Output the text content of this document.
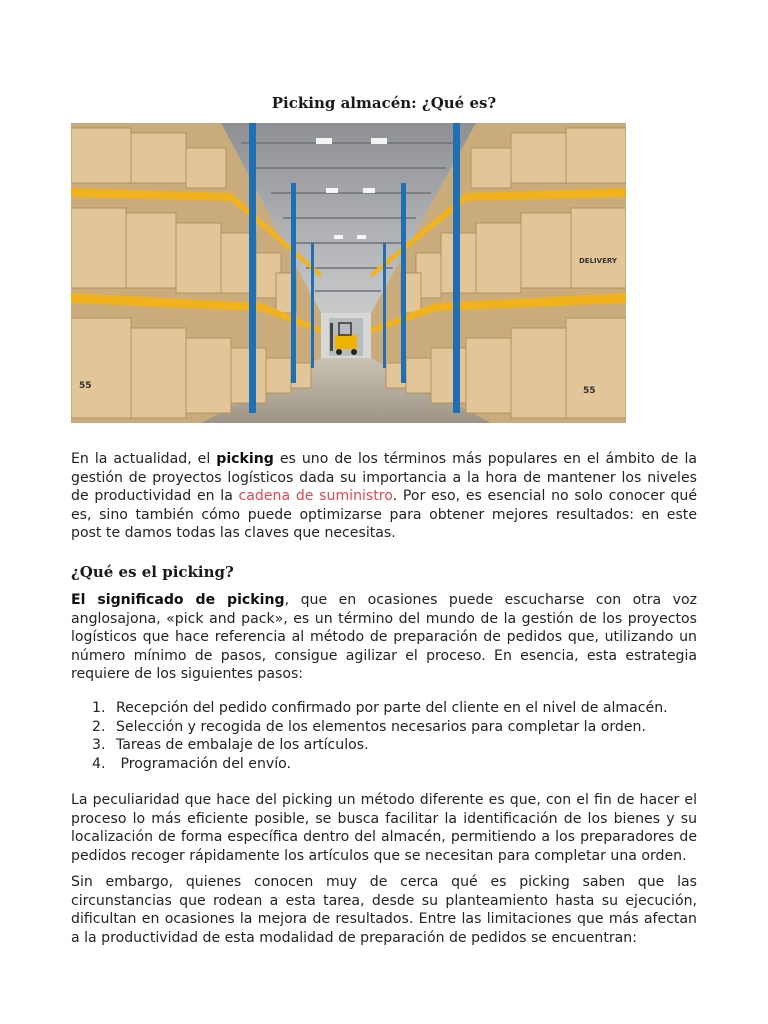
Picking almacén: ¿Qué es?
DELIVERY
55	55

En la actualidad, el picking es uno de los términos más populares en el ámbito de la gestión de proyectos logísticos dada su importancia a la hora de mantener los niveles de productividad en la cadena de suministro. Por eso, es esencial no solo conocer qué es, sino también cómo puede optimizarse para obtener mejores resultados: en este post te damos todas las claves que necesitas.

¿Qué es el picking?

El significado de picking, que en ocasiones puede escucharse con otra voz anglosajona, «pick and pack», es un término del mundo de la gestión de los proyectos logísticos que hace referencia al método de preparación de pedidos que, utilizando un número mínimo de pasos, consigue agilizar el proceso. En esencia, esta estrategia requiere de los siguientes pasos:

1. Recepción del pedido confirmado por parte del cliente en el nivel de almacén.
2. Selección y recogida de los elementos necesarios para completar la orden.
3. Tareas de embalaje de los artículos.
4. Programación del envío.

La peculiaridad que hace del picking un método diferente es que, con el fin de hacer el proceso lo más eficiente posible, se busca facilitar la identificación de los bienes y su localización de forma específica dentro del almacén, permitiendo a los preparadores de pedidos recoger rápidamente los artículos que se necesitan para completar una orden.

Sin embargo, quienes conocen muy de cerca qué es picking saben que las circunstancias que rodean a esta tarea, desde su planteamiento hasta su ejecución, dificultan en ocasiones la mejora de resultados. Entre las limitaciones que más afectan a la productividad de esta modalidad de preparación de pedidos se encuentran:
